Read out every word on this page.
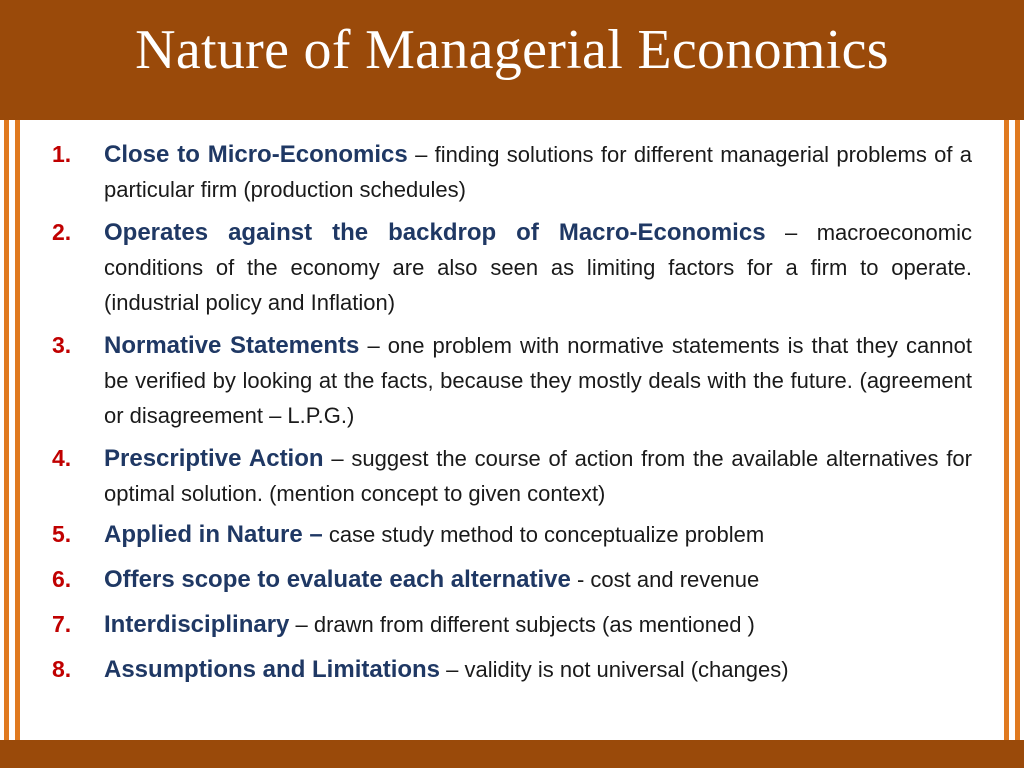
Nature of Managerial Economics
1.	Close to Micro-Economics – finding solutions for different managerial problems of a particular firm (production schedules)
2.	Operates against the backdrop of Macro-Economics – macroeconomic conditions of the economy are also seen as limiting factors for a firm to operate. (industrial policy and Inflation)
3.	Normative Statements – one problem with normative statements is that they cannot be verified by looking at the facts, because they mostly deals with the future. (agreement or disagreement – L.P.G.)
4.	Prescriptive Action – suggest the course of action from the available alternatives for optimal solution. (mention concept to given context)
5.	Applied in Nature – case study method to conceptualize problem
6.	Offers scope to evaluate each alternative - cost and revenue
7.	Interdisciplinary – drawn from different subjects (as mentioned )
8.	Assumptions and Limitations – validity is not universal (changes)
